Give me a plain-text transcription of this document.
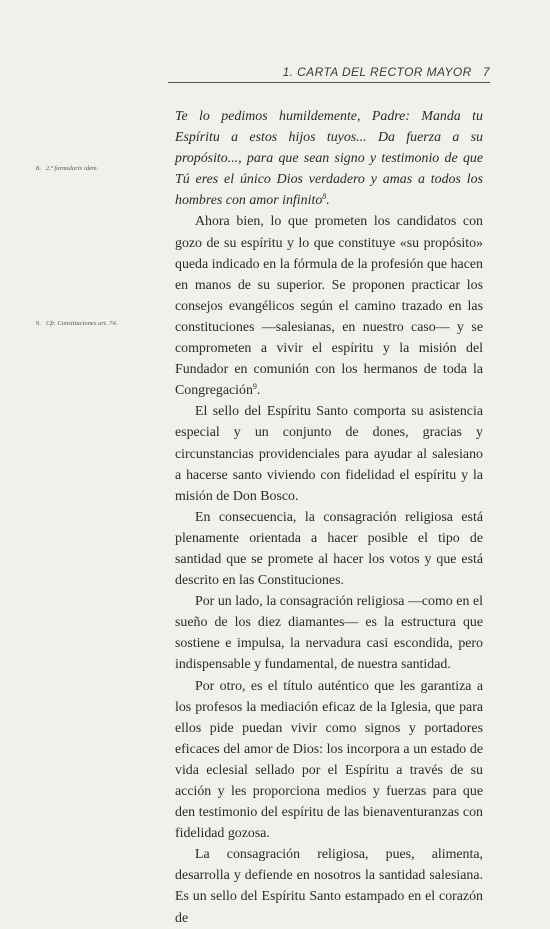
1. CARTA DEL RECTOR MAYOR 7
8. 2.ª formularis idem.
9. Cfr. Constituciones art. 74.

Te lo pedimos humildemente, Padre: Manda tu Espíritu a estos hijos tuyos... Da fuerza a su propósito..., para que sean signo y testimonio de que Tú eres el único Dios verdadero y amas a todos los hombres con amor infinito$^8$.

Ahora bien, lo que prometen los candidatos con gozo de su espíritu y lo que constituye «su propósito» queda indicado en la fórmula de la profesión que hacen en manos de su superior. Se proponen practicar los consejos evangélicos según el camino trazado en las constituciones —salesianas, en nuestro caso— y se comprometen a vivir el espíritu y la misión del Fundador en comunión con los hermanos de toda la Congregación$^9$.

El sello del Espíritu Santo comporta su asistencia especial y un conjunto de dones, gracias y circunstancias providenciales para ayudar al salesiano a hacerse santo viviendo con fidelidad el espíritu y la misión de Don Bosco.

En consecuencia, la consagración religiosa está plenamente orientada a hacer posible el tipo de santidad que se promete al hacer los votos y que está descrito en las Constituciones.

Por un lado, la consagración religiosa —como en el sueño de los diez diamantes— es la estructura que sostiene e impulsa, la nervadura casi escondida, pero indispensable y fundamental, de nuestra santidad.

Por otro, es el título auténtico que les garantiza a los profesos la mediación eficaz de la Iglesia, que para ellos pide puedan vivir como signos y portadores eficaces del amor de Dios: los incorpora a un estado de vida eclesial sellado por el Espíritu a través de su acción y les proporciona medios y fuerzas para que den testimonio del espíritu de las bienaventuranzas con fidelidad gozosa.

La consagración religiosa, pues, alimenta, desarrolla y defiende en nosotros la santidad salesiana. Es un sello del Espíritu Santo estampado en el corazón de
